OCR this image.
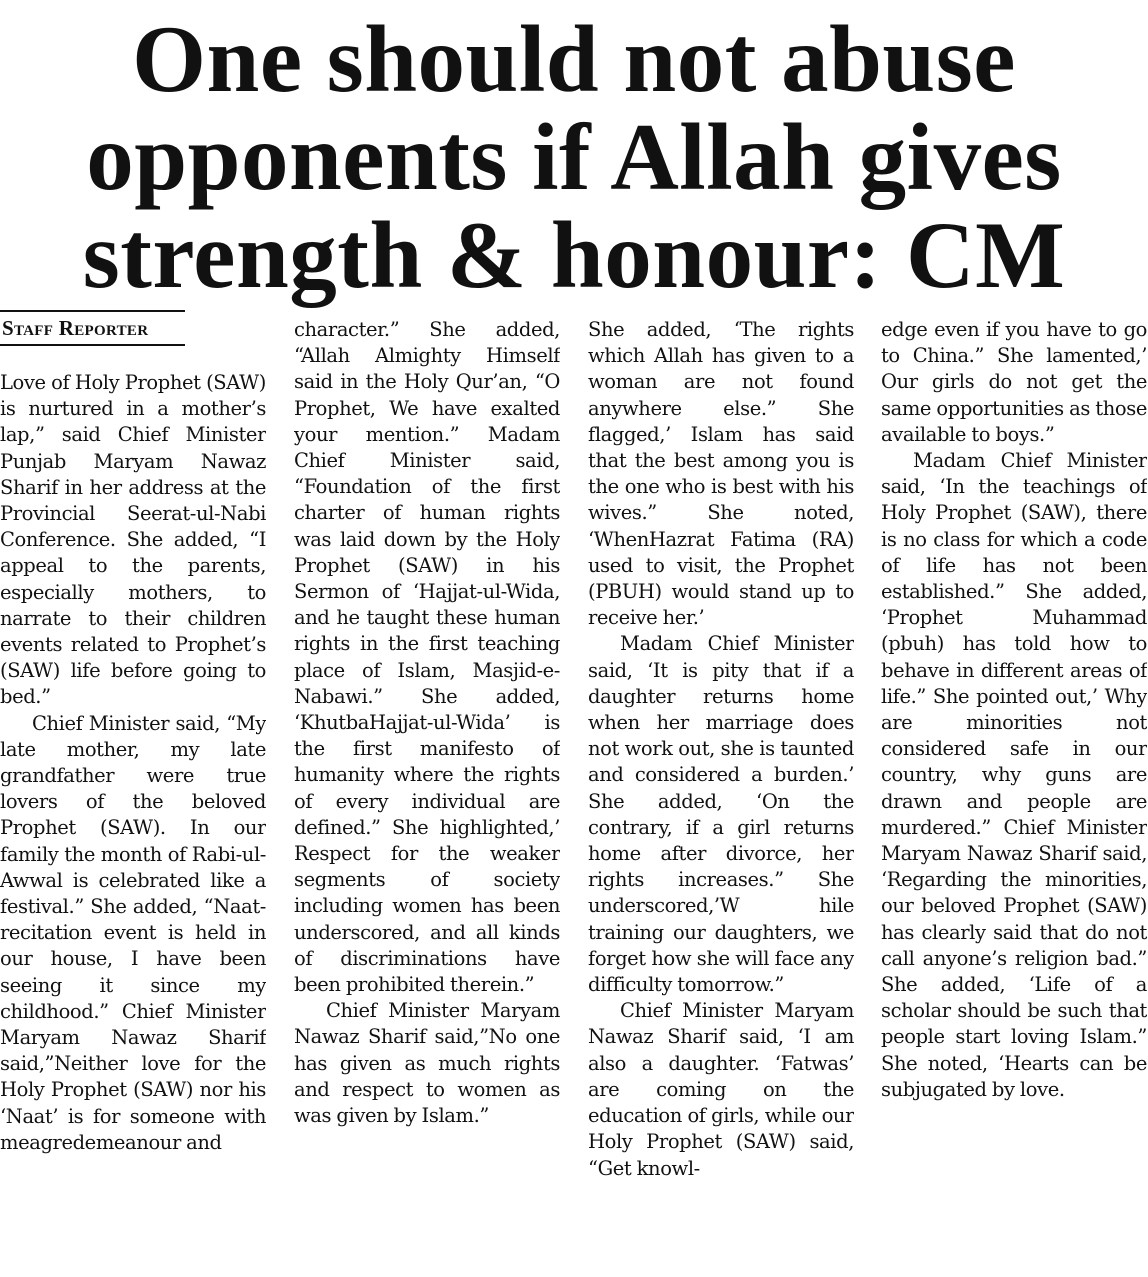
One should not abuse
opponents if Allah gives
strength & honour: CM
Staff Reporter

Love of Holy Prophet (SAW) is nurtured in a mother’s lap,” said Chief Minister Punjab Maryam Nawaz Sharif in her address at the Provincial Seerat-ul-Nabi Conference. She added, “I appeal to the parents, especially mothers, to narrate to their children events related to Prophet’s (SAW) life before going to bed.”

Chief Minister said, “My late mother, my late grandfather were true lovers of the beloved Prophet (SAW). In our family the month of Rabi-ul-Awwal is celebrated like a festival.” She added, “Naat-recitation event is held in our house, I have been seeing it since my childhood.” Chief Minister Maryam Nawaz Sharif said,”Neither love for the Holy Prophet (SAW) nor his ‘Naat’ is for someone with meagredemeanour and

character.” She added, “Allah Almighty Himself said in the Holy Qur’an, “O Prophet, We have exalted your mention.” Madam Chief Minister said, “Foundation of the first charter of human rights was laid down by the Holy Prophet (SAW) in his Sermon of ‘Hajjat-ul-Wida, and he taught these human rights in the first teaching place of Islam, Masjid-e-Nabawi.” She added, ‘KhutbaHajjat-ul-Wida’ is the first manifesto of humanity where the rights of every individual are defined.” She highlighted,’ Respect for the weaker segments of society including women has been underscored, and all kinds of discriminations have been prohibited therein.”

Chief Minister Maryam Nawaz Sharif said,”No one has given as much rights and respect to women as was given by Islam.”

She added, ‘The rights which Allah has given to a woman are not found anywhere else.” She flagged,’ Islam has said that the best among you is the one who is best with his wives.” She noted, ‘WhenHazrat Fatima (RA) used to visit, the Prophet (PBUH) would stand up to receive her.’

Madam Chief Minister said, ‘It is pity that if a daughter returns home when her marriage does not work out, she is taunted and considered a burden.’ She added, ‘On the contrary, if a girl returns home after divorce, her rights increases.” She underscored,’W hile training our daughters, we forget how she will face any difficulty tomorrow.”

Chief Minister Maryam Nawaz Sharif said, ‘I am also a daughter. ‘Fatwas’ are coming on the education of girls, while our Holy Prophet (SAW) said, “Get knowl-

edge even if you have to go to China.” She lamented,’ Our girls do not get the same opportunities as those available to boys.”

Madam Chief Minister said, ‘In the teachings of Holy Prophet (SAW), there is no class for which a code of life has not been established.” She added, ‘Prophet Muhammad (pbuh) has told how to behave in different areas of life.” She pointed out,’ Why are minorities not considered safe in our country, why guns are drawn and people are murdered.” Chief Minister Maryam Nawaz Sharif said, ‘Regarding the minorities, our beloved Prophet (SAW) has clearly said that do not call anyone’s religion bad.” She added, ‘Life of a scholar should be such that people start loving Islam.” She noted, ‘Hearts can be subjugated by love.
